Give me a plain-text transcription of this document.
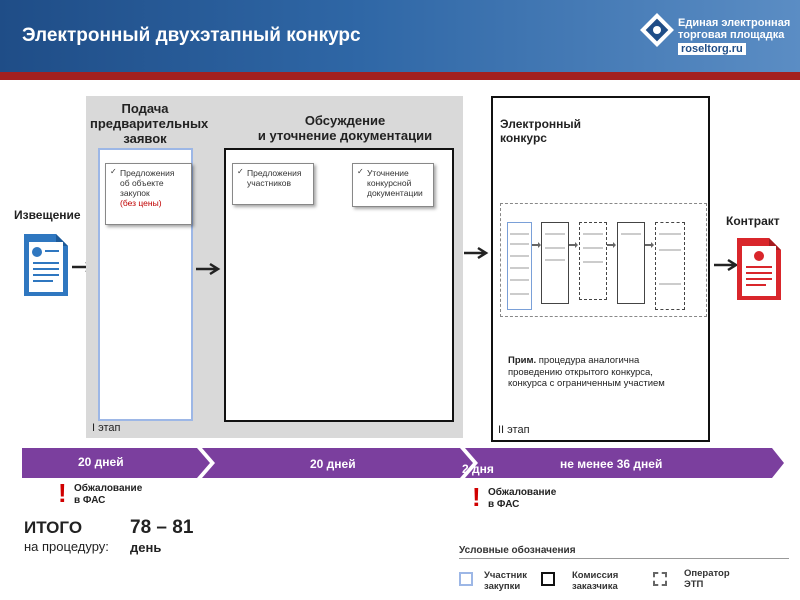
Электронный двухэтапный конкурс
Единая электронная
торговая площадка
roseltorg.ru
Извещение
Подача
предварительных
заявок
✓ Предложения
об объекте
закупок
(без цены)
I этап
Обсуждение
и уточнение документации
✓ Предложения
участников
✓ Уточнение
конкурсной
документации
Электронный
конкурс
Прим. процедура аналогична
проведению открытого конкурса,
конкурса с ограниченным участием
II этап
Контракт
20 дней	20 дней	2 дня	не менее 36 дней
! Обжалование
в ФАС	! Обжалование
в ФАС
ИТОГО
на процедуру:
78 – 81
день	Условные обозначения
Участник
закупки
Комиссия
заказчика
Оператор
ЭТП
